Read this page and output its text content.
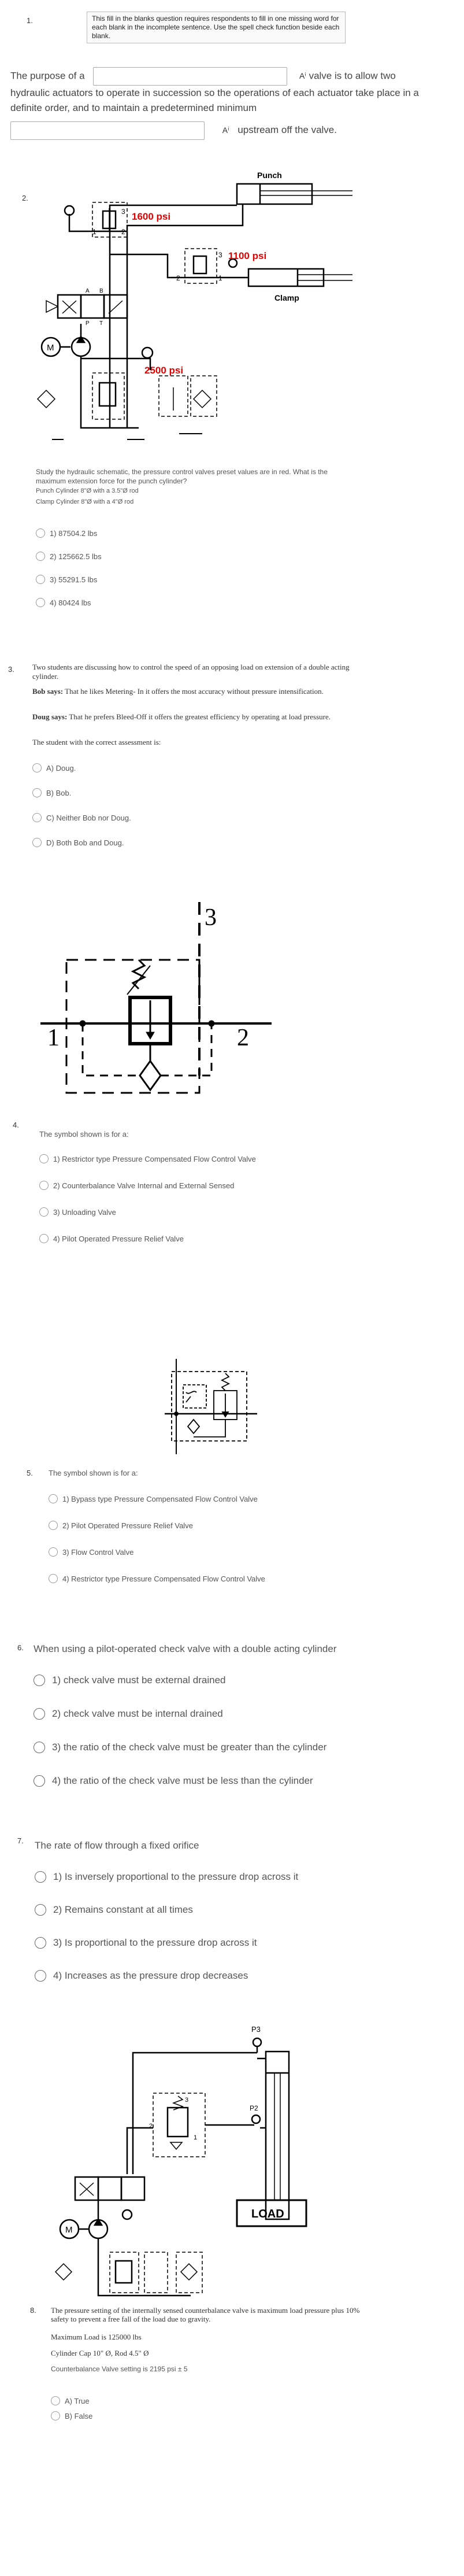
1.	This fill in the blanks question requires respondents to fill in one missing word for each blank in the incomplete sentence. Use the spell check function beside each blank.
The purpose of a	Aⁱ valve is to allow two hydraulic actuators to operate in succession so the operations of each actuator take place in a definite order, and to maintain a predetermined minimum
Aⁱ upstream off the valve.
2.
Punch
Clamp
1
3
2
1600 psi
2
3
1
1100 psi
A B
P T
M
2500 psi
Study the hydraulic schematic, the pressure control valves preset values are in red. What is the maximum extension force for the punch cylinder?
Punch Cylinder 8"Ø with a 3.5"Ø rod
Clamp Cylinder 8"Ø with a 4"Ø rod
1) 87504.2 lbs
2) 125662.5 lbs
3) 55291.5 lbs
4) 80424 lbs
3. Two students are discussing how to control the speed of an opposing load on extension of a double acting cylinder.
Bob says: That he likes Metering- In it offers the most accuracy without pressure intensification.
Doug says: That he prefers Bleed-Off it offers the greatest efficiency by operating at load pressure.
The student with the correct assessment is:
A) Doug.
B) Bob.
C) Neither Bob nor Doug.
D) Both Bob and Doug.
1	2
3
4.
The symbol shown is for a:
1) Restrictor type Pressure Compensated Flow Control Valve
2) Counterbalance Valve Internal and External Sensed
3) Unloading Valve
4) Pilot Operated Pressure Relief Valve
5. The symbol shown is for a:
1) Bypass type Pressure Compensated Flow Control Valve
2) Pilot Operated Pressure Relief Valve
3) Flow Control Valve
4) Restrictor type Pressure Compensated Flow Control Valve
6. When using a pilot-operated check valve with a double acting cylinder
1) check valve must be external drained
2) check valve must be internal drained
3) the ratio of the check valve must be greater than the cylinder
4) the ratio of the check valve must be less than the cylinder
7. The rate of flow through a fixed orifice
1) Is inversely proportional to the pressure drop across it
2) Remains constant at all times
3) Is proportional to the pressure drop across it
4) Increases as the pressure drop decreases
P3
P2
LOAD
2
3
1
M
8. The pressure setting of the internally sensed counterbalance valve is maximum load pressure plus 10% safety to prevent a free fall of the load due to gravity.
Maximum Load is 125000 lbs
Cylinder Cap 10" Ø, Rod 4.5" Ø
Counterbalance Valve setting is 2195 psi ± 5
A) True
B) False
